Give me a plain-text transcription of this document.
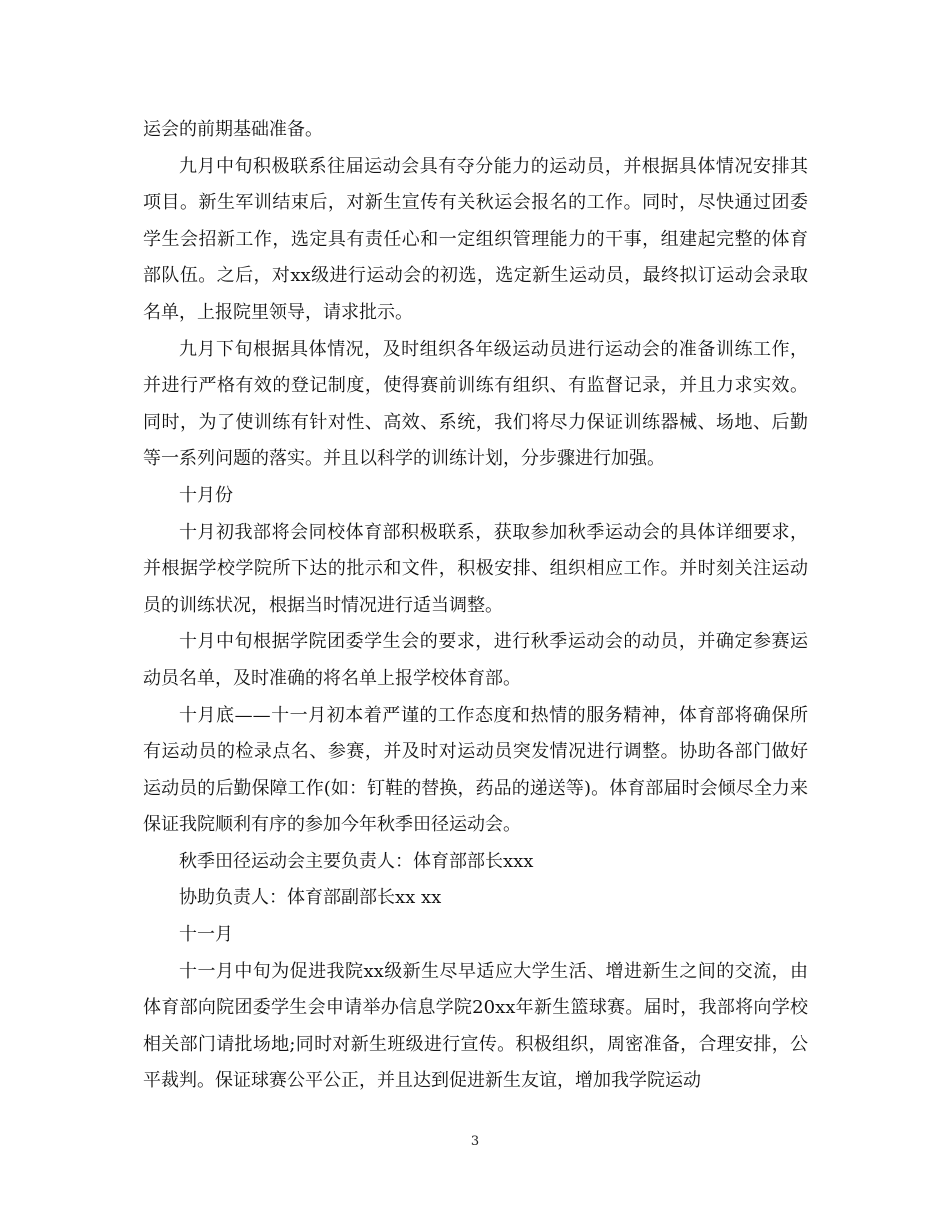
运会的前期基础准备。

九月中旬积极联系往届运动会具有夺分能力的运动员，并根据具体情况安排其项目。新生军训结束后，对新生宣传有关秋运会报名的工作。同时，尽快通过团委学生会招新工作，选定具有责任心和一定组织管理能力的干事，组建起完整的体育部队伍。之后，对xx级进行运动会的初选，选定新生运动员，最终拟订运动会录取名单，上报院里领导，请求批示。

九月下旬根据具体情况，及时组织各年级运动员进行运动会的准备训练工作，并进行严格有效的登记制度，使得赛前训练有组织、有监督记录，并且力求实效。同时，为了使训练有针对性、高效、系统，我们将尽力保证训练器械、场地、后勤等一系列问题的落实。并且以科学的训练计划，分步骤进行加强。

十月份

十月初我部将会同校体育部积极联系，获取参加秋季运动会的具体详细要求，并根据学校学院所下达的批示和文件，积极安排、组织相应工作。并时刻关注运动员的训练状况，根据当时情况进行适当调整。

十月中旬根据学院团委学生会的要求，进行秋季运动会的动员，并确定参赛运动员名单，及时准确的将名单上报学校体育部。

十月底——十一月初本着严谨的工作态度和热情的服务精神，体育部将确保所有运动员的检录点名、参赛，并及时对运动员突发情况进行调整。协助各部门做好运动员的后勤保障工作(如：钉鞋的替换，药品的递送等)。体育部届时会倾尽全力来保证我院顺利有序的参加今年秋季田径运动会。

秋季田径运动会主要负责人：体育部部长xxx

协助负责人：体育部副部长xx xx

十一月

十一月中旬为促进我院xx级新生尽早适应大学生活、增进新生之间的交流，由体育部向院团委学生会申请举办信息学院20xx年新生篮球赛。届时，我部将向学校相关部门请批场地;同时对新生班级进行宣传。积极组织，周密准备，合理安排，公平裁判。保证球赛公平公正，并且达到促进新生友谊，增加我学院运动

3
